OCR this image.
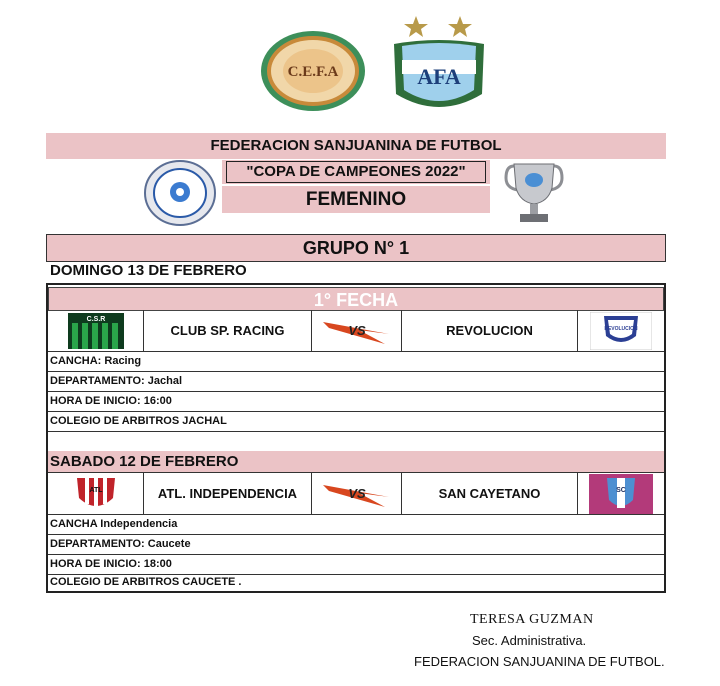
C.E.F.A	AFA
FEDERACION SANJUANINA DE FUTBOL
"COPA DE CAMPEONES 2022"
FEMENINO
GRUPO N° 1
DOMINGO 13 DE FEBRERO
1° FECHA
C.S.R
CLUB SP. RACING	VS	REVOLUCION	REVOLUCION
CANCHA: Racing
DEPARTAMENTO: Jachal
HORA DE INICIO: 16:00
COLEGIO DE ARBITROS JACHAL
SABADO 12 DE FEBRERO
ATL	ATL. INDEPENDENCIA	VS	SAN CAYETANO	SC
CANCHA Independencia
DEPARTAMENTO: Caucete
HORA DE INICIO: 18:00
COLEGIO DE ARBITROS CAUCETE .
TERESA GUZMAN
Sec. Administrativa.
FEDERACION SANJUANINA DE FUTBOL.
